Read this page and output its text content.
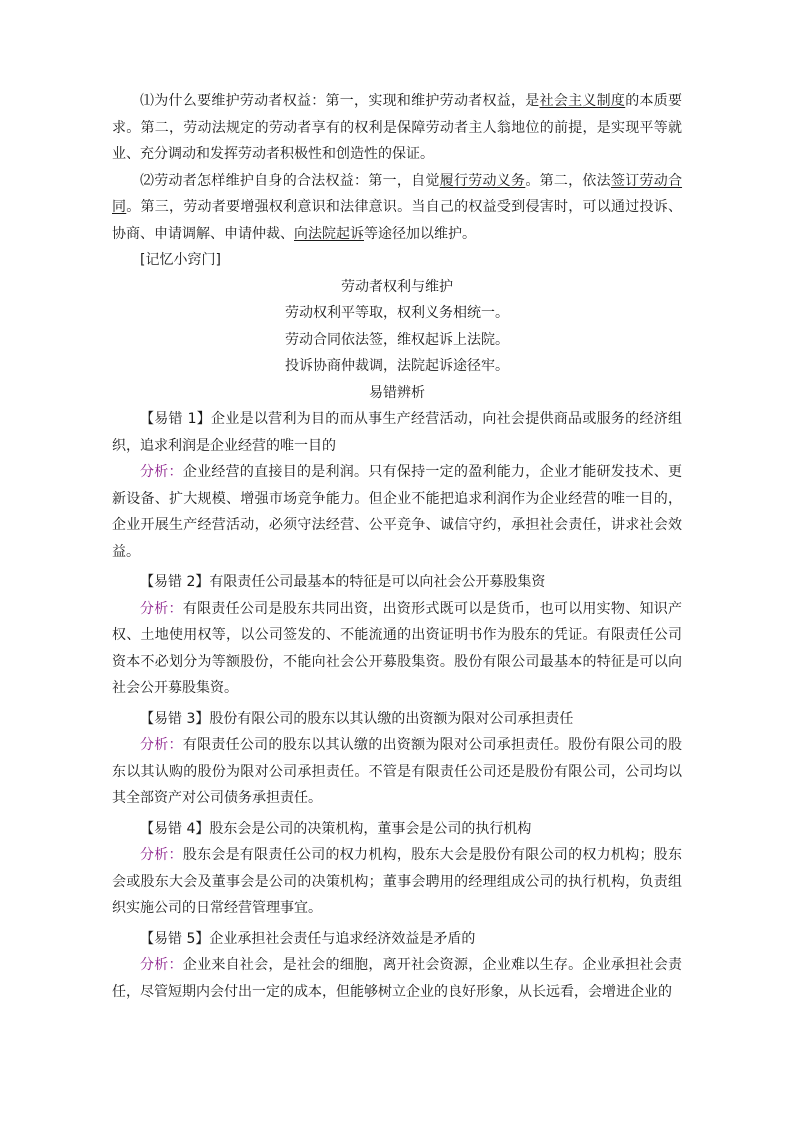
⑴为什么要维护劳动者权益：第一，实现和维护劳动者权益，是社会主义制度的本质要求。第二，劳动法规定的劳动者享有的权利是保障劳动者主人翁地位的前提，是实现平等就业、充分调动和发挥劳动者积极性和创造性的保证。

⑵劳动者怎样维护自身的合法权益：第一，自觉履行劳动义务。第二，依法签订劳动合同。第三，劳动者要增强权利意识和法律意识。当自己的权益受到侵害时，可以通过投诉、协商、申请调解、申请仲裁、向法院起诉等途径加以维护。

[记忆小窍门]

劳动者权利与维护

劳动权利平等取，权利义务相统一。

劳动合同依法签，维权起诉上法院。

投诉协商仲裁调，法院起诉途径牢。

易错辨析

【易错 1】企业是以营利为目的而从事生产经营活动，向社会提供商品或服务的经济组织，追求利润是企业经营的唯一目的

分析：企业经营的直接目的是利润。只有保持一定的盈利能力，企业才能研发技术、更新设备、扩大规模、增强市场竞争能力。但企业不能把追求利润作为企业经营的唯一目的，企业开展生产经营活动，必须守法经营、公平竞争、诚信守约，承担社会责任，讲求社会效益。

【易错 2】有限责任公司最基本的特征是可以向社会公开募股集资

分析：有限责任公司是股东共同出资，出资形式既可以是货币，也可以用实物、知识产权、土地使用权等，以公司签发的、不能流通的出资证明书作为股东的凭证。有限责任公司资本不必划分为等额股份，不能向社会公开募股集资。股份有限公司最基本的特征是可以向社会公开募股集资。

【易错 3】股份有限公司的股东以其认缴的出资额为限对公司承担责任

分析：有限责任公司的股东以其认缴的出资额为限对公司承担责任。股份有限公司的股东以其认购的股份为限对公司承担责任。不管是有限责任公司还是股份有限公司，公司均以其全部资产对公司债务承担责任。

【易错 4】股东会是公司的决策机构，董事会是公司的执行机构

分析：股东会是有限责任公司的权力机构，股东大会是股份有限公司的权力机构；股东会或股东大会及董事会是公司的决策机构；董事会聘用的经理组成公司的执行机构，负责组织实施公司的日常经营管理事宜。

【易错 5】企业承担社会责任与追求经济效益是矛盾的

分析：企业来自社会，是社会的细胞，离开社会资源，企业难以生存。企业承担社会责任，尽管短期内会付出一定的成本，但能够树立企业的良好形象，从长远看，会增进企业的
